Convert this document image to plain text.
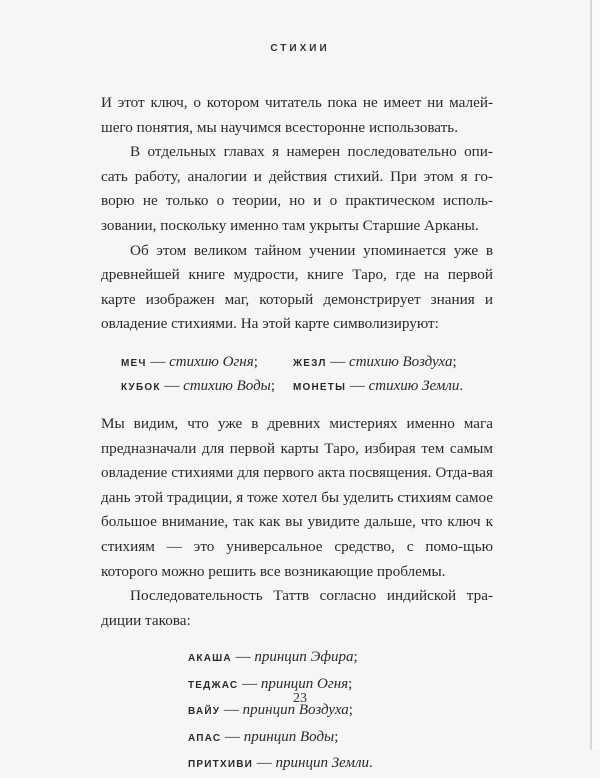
СТИХИИ

И этот ключ, о котором читатель пока не имеет ни малей-
шего понятия, мы научимся всесторонне использовать.

В отдельных главах я намерен последовательно опи-сать работу, аналогии и действия стихий. При этом я го-ворю не только о теории, но и о практическом исполь-зовании, поскольку именно там укрыты Старшие Арканы.

Об этом великом тайном учении упоминается уже в древнейшей книге мудрости, книге Таро, где на первой карте изображен маг, который демонстрирует знания и овладение стихиями. На этой карте символизируют:

МЕЧ — стихию Огня;	ЖЕЗЛ — стихию Воздуха;
КУБОК — стихию Воды; МОНЕТЫ — стихию Земли.

Мы видим, что уже в древних мистериях именно мага предназначали для первой карты Таро, избирая тем самым овладение стихиями для первого акта посвящения. Отда-вая дань этой традиции, я тоже хотел бы уделить стихиям самое большое внимание, так как вы увидите дальше, что ключ к стихиям — это универсальное средство, с помо-щью которого можно решить все возникающие проблемы.

Последовательность Таттв согласно индийской тра-диции такова:

АКАША — принцип Эфира;
ТЕДЖАС — принцип Огня;
ВАЙУ — принцип Воздуха;
АПАС — принцип Воды;
ПРИТХИВИ — принцип Земли.
23
